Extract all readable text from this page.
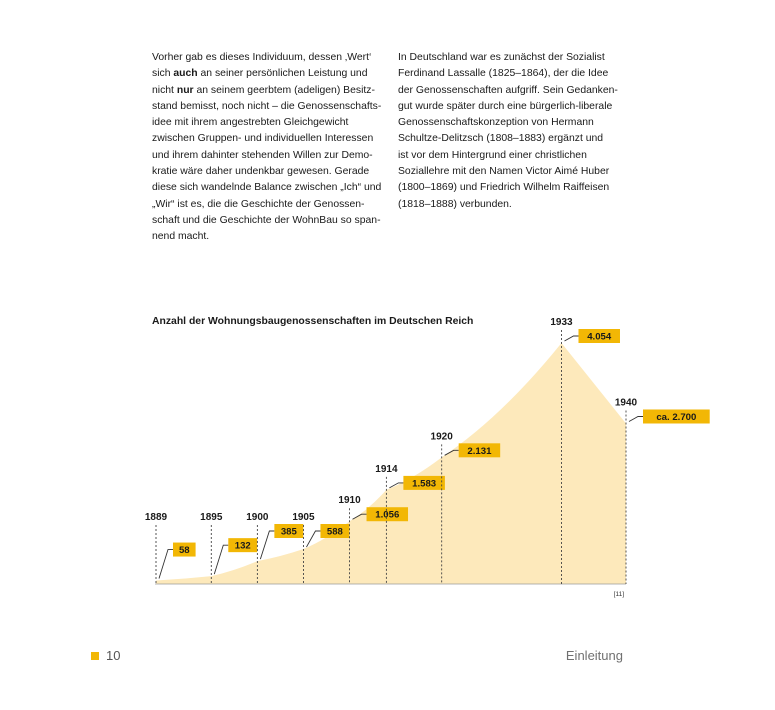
Vorher gab es dieses Individuum, dessen ‚Wert‘
sich auch an seiner persönlichen Leistung und
nicht nur an seinem geerbtem (adeligen) Besitz-
stand bemisst, noch nicht – die Genossenschafts-
idee mit ihrem angestrebten Gleichgewicht
zwischen Gruppen- und individuellen Interessen
und ihrem dahinter stehenden Willen zur Demo-
kratie wäre daher undenkbar gewesen. Gerade
diese sich wandelnde Balance zwischen „Ich“ und
„Wir“ ist es, die die Geschichte der Genossen-
schaft und die Geschichte der WohnBau so span-
nend macht.

In Deutschland war es zunächst der Sozialist
Ferdinand Lassalle (1825–1864), der die Idee
der Genossenschaften aufgriff. Sein Gedanken-
gut wurde später durch eine bürgerlich-liberale
Genossenschaftskonzeption von Hermann
Schultze-Delitzsch (1808–1883) ergänzt und
ist vor dem Hintergrund einer christlichen
Soziallehre mit den Namen Victor Aimé Huber
(1800–1869) und Friedrich Wilhelm Raiffeisen
(1818–1888) verbunden.

Anzahl der Wohnungsbaugenossenschaften im Deutschen Reich
1889
58
1895
132
1900
385
1905
588
1910
1.056
1914
1.583
1920
2.131
1933
4.054
1940
ca. 2.700
[11]
10	Einleitung
